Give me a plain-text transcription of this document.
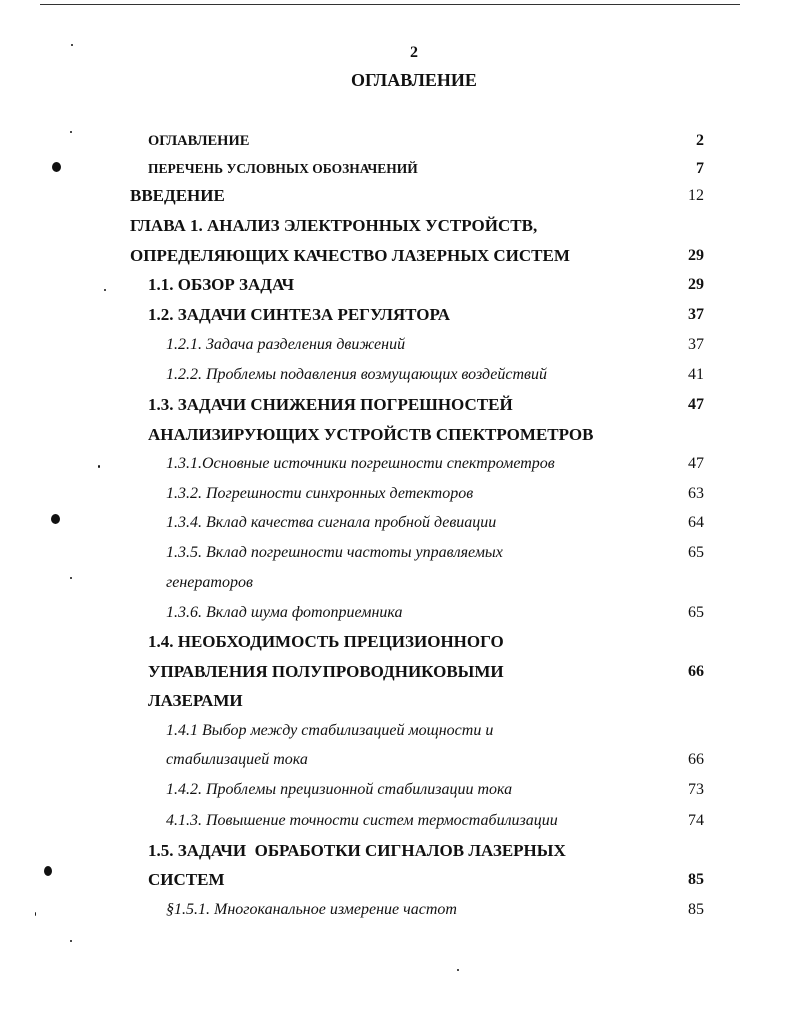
2
ОГЛАВЛЕНИЕ
ОГЛАВЛЕНИЕ	2
ПЕРЕЧЕНЬ УСЛОВНЫХ ОБОЗНАЧЕНИЙ	7
ВВЕДЕНИЕ	12
ГЛАВА 1. АНАЛИЗ ЭЛЕКТРОННЫХ УСТРОЙСТВ,
ОПРЕДЕЛЯЮЩИХ КАЧЕСТВО ЛАЗЕРНЫХ СИСТЕМ	29
1.1. ОБЗОР ЗАДАЧ	29
1.2. ЗАДАЧИ СИНТЕЗА РЕГУЛЯТОРА	37
1.2.1. Задача разделения движений	37
1.2.2. Проблемы подавления возмущающих воздействий	41
1.3. ЗАДАЧИ СНИЖЕНИЯ ПОГРЕШНОСТЕЙ	47
АНАЛИЗИРУЮЩИХ УСТРОЙСТВ СПЕКТРОМЕТРОВ
1.3.1.Основные источники погрешности спектрометров	47
1.3.2. Погрешности синхронных детекторов	63
1.3.4. Вклад качества сигнала пробной девиации	64
1.3.5. Вклад погрешности частоты управляемых	65
генераторов
1.3.6. Вклад шума фотоприемника	65
1.4. НЕОБХОДИМОСТЬ ПРЕЦИЗИОННОГО
УПРАВЛЕНИЯ ПОЛУПРОВОДНИКОВЫМИ	66
ЛАЗЕРАМИ
1.4.1 Выбор между стабилизацией мощности и
стабилизацией тока	66
1.4.2. Проблемы прецизионной стабилизации тока	73
4.1.3. Повышение точности систем термостабилизации	74
1.5. ЗАДАЧИ  ОБРАБОТКИ СИГНАЛОВ ЛАЗЕРНЫХ
СИСТЕМ	85
§1.5.1. Многоканальное измерение частот	85
